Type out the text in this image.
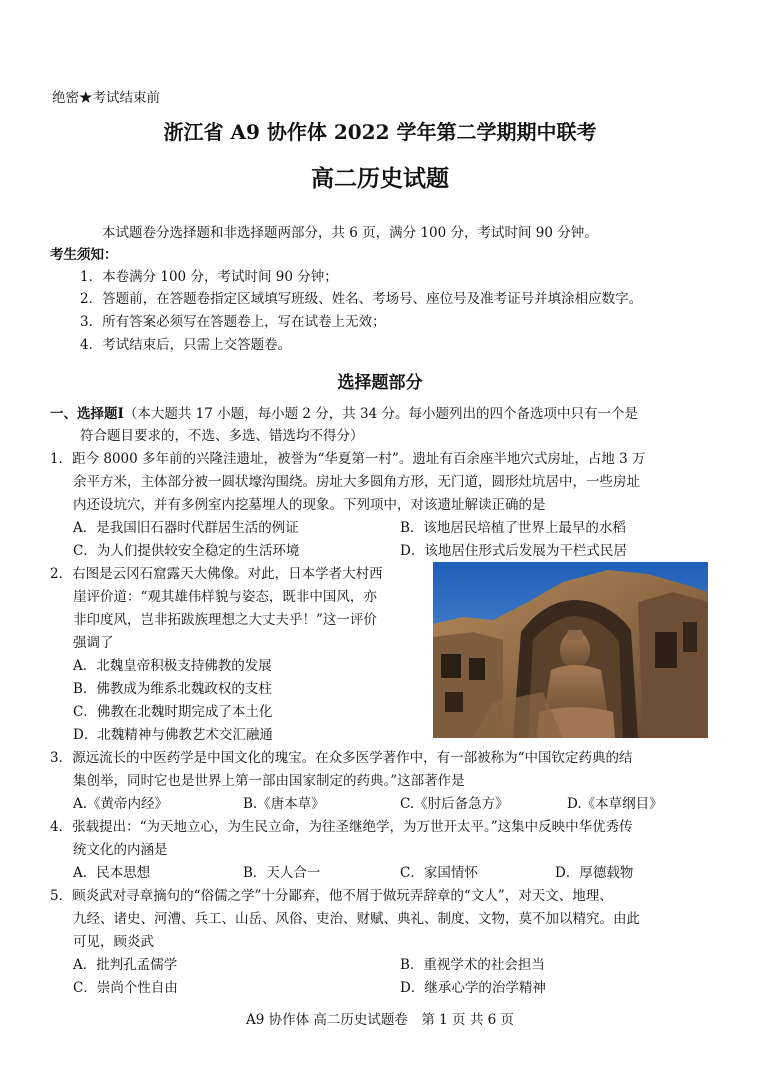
绝密★考试结束前
浙江省 A9 协作体 2022 学年第二学期期中联考
高二历史试题
本试题卷分选择题和非选择题两部分，共 6 页，满分 100 分，考试时间 90 分钟。
考生须知：
1．本卷满分 100 分，考试时间 90 分钟；
2．答题前，在答题卷指定区域填写班级、姓名、考场号、座位号及准考证号并填涂相应数字。
3．所有答案必须写在答题卷上，写在试卷上无效；
4．考试结束后，只需上交答题卷。
选择题部分
一、选择题Ⅰ（本大题共 17 小题，每小题 2 分，共 34 分。每小题列出的四个备选项中只有一个是
符合题目要求的，不选、多选、错选均不得分）
1．距今 8000 多年前的兴隆洼遗址，被誉为“华夏第一村”。遗址有百余座半地穴式房址，占地 3 万
余平方米，主体部分被一圆状壕沟围绕。房址大多圆角方形，无门道，圆形灶坑居中，一些房址
内还设坑穴，并有多例室内挖墓埋人的现象。下列项中，对该遗址解读正确的是
A．是我国旧石器时代群居生活的例证	B．该地居民培植了世界上最早的水稻
C．为人们提供较安全稳定的生活环境	D．该地居住形式后发展为干栏式民居
2．右图是云冈石窟露天大佛像。对此，日本学者大村西
崖评价道：“观其雄伟样貌与姿态，既非中国风，亦
非印度风，岂非拓跋族理想之大丈夫乎！”这一评价
强调了
A．北魏皇帝积极支持佛教的发展
B．佛教成为维系北魏政权的支柱
C．佛教在北魏时期完成了本土化
D．北魏精神与佛教艺术交汇融通
3．源远流长的中医药学是中国文化的瑰宝。在众多医学著作中，有一部被称为“中国钦定药典的结
集创举，同时它也是世界上第一部由国家制定的药典。”这部著作是
A.《黄帝内经》	B.《唐本草》	C.《肘后备急方》	D.《本草纲目》
4．张载提出：“为天地立心，为生民立命，为往圣继绝学，为万世开太平。”这集中反映中华优秀传
统文化的内涵是
A．民本思想	B．天人合一	C．家国情怀	D．厚德载物
5．顾炎武对寻章摘句的“俗儒之学”十分鄙弃，他不屑于做玩弄辞章的“文人”，对天文、地理、
九经、诸史、河漕、兵工、山岳、风俗、吏治、财赋、典礼、制度、文物，莫不加以精究。由此
可见，顾炎武
A．批判孔孟儒学	B．重视学术的社会担当
C．崇尚个性自由	D．继承心学的治学精神
A9 协作体 高二历史试题卷　第 1 页 共 6 页
